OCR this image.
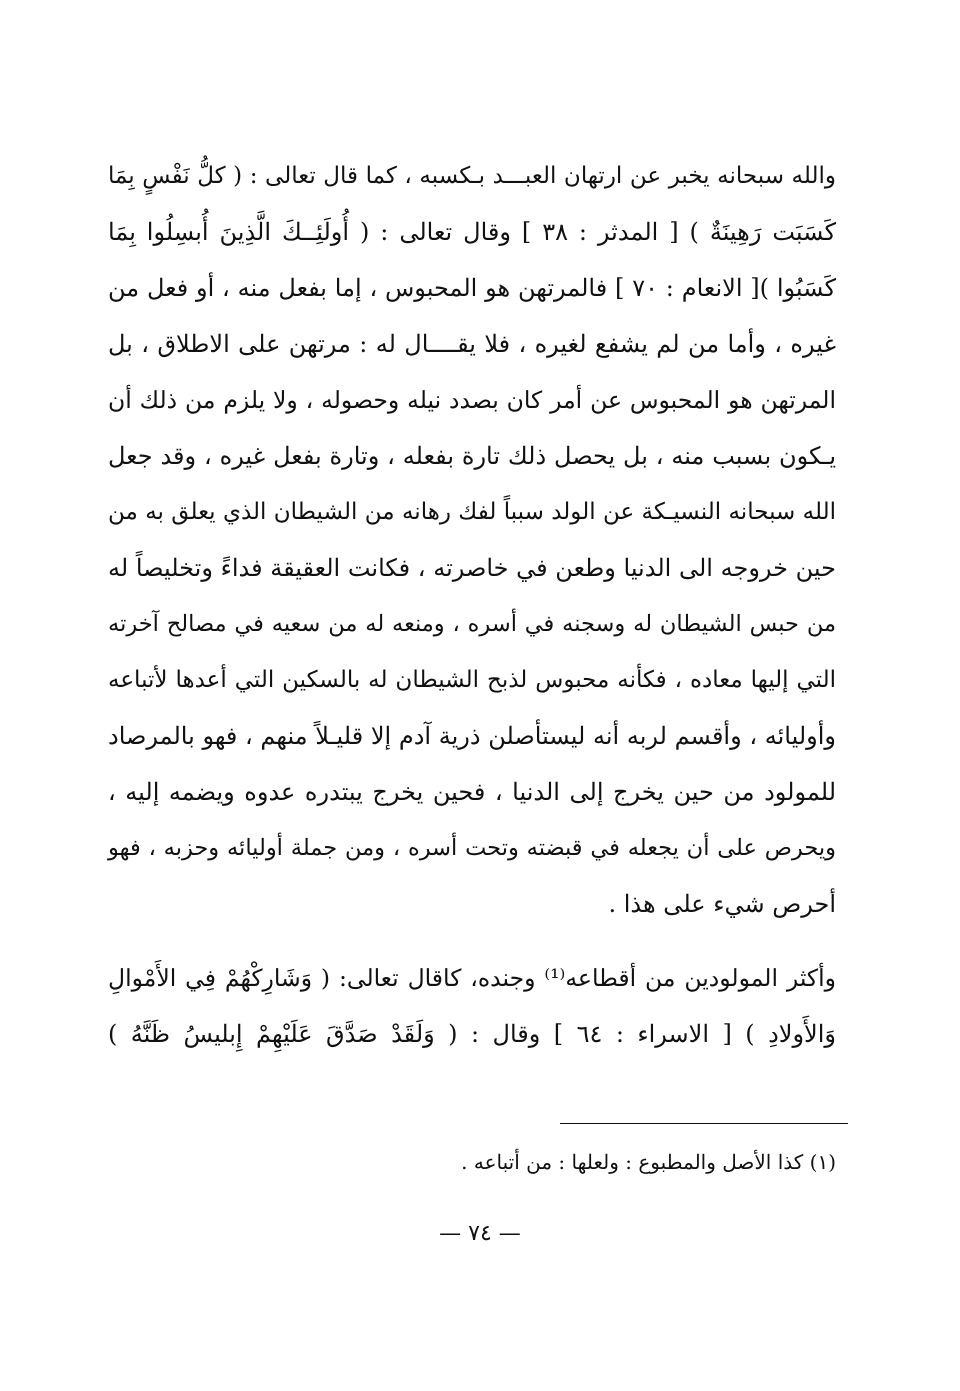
والله سبحانه يخبر عن ارتهان العبـــد بـكسبه ، كما قال تعالى : ( كلُّ نَفْسٍ بِمَا
كَسَبَت رَهِينَةٌ ) [ المدثر : ٣٨ ] وقال تعالى : ( أُولَئِــكَ الَّذِينَ أُبسِلُوا بِمَا
كَسَبُوا )[ الانعام : ٧٠ ] فالمرتهن هو المحبوس ، إما بفعل منه ، أو فعل من
غيره ، وأما من لم يشفع لغيره ، فلا يقــــال له : مرتهن على الاطلاق ، بل
المرتهن هو المحبوس عن أمر كان بصدد نيله وحصوله ، ولا يلزم من ذلك أن
يـكون بسبب منه ، بل يحصل ذلك تارة بفعله ، وتارة بفعل غيره ، وقد جعل
الله سبحانه النسيـكة عن الولد سبباً لفك رهانه من الشيطان الذي يعلق به من
حين خروجه الى الدنيا وطعن في خاصرته ، فكانت العقيقة فداءً وتخليصاً له
من حبس الشيطان له وسجنه في أسره ، ومنعه له من سعيه في مصالح آخرته
التي إليها معاده ، فكأنه محبوس لذبح الشيطان له بالسكين التي أعدها لأتباعه
وأوليائه ، وأقسم لربه أنه ليستأصلن ذرية آدم إلا قليـلاً منهم ، فهو بالمرصاد
للمولود من حين يخرج إلى الدنيا ، فحين يخرج يبتدره عدوه ويضمه إليه ،
ويحرص على أن يجعله في قبضته وتحت أسره ، ومن جملة أوليائه وحزبه ، فهو
أحرص شيء على هذا .
وأكثر المولودين من أقطاعه⁽¹⁾ وجنده، كاقال تعالى: ( وَشَارِكْهُمْ فِي الأَمْوالِ
وَالأَولادِ ) [ الاسراء : ٦٤ ] وقال : ( وَلَقَدْ صَدَّقَ عَلَيْهِمْ إِبليسُ ظَنَّهُ )
(١) كذا الأصل والمطبوع : ولعلها : من أتباعه .
— ٧٤ —
